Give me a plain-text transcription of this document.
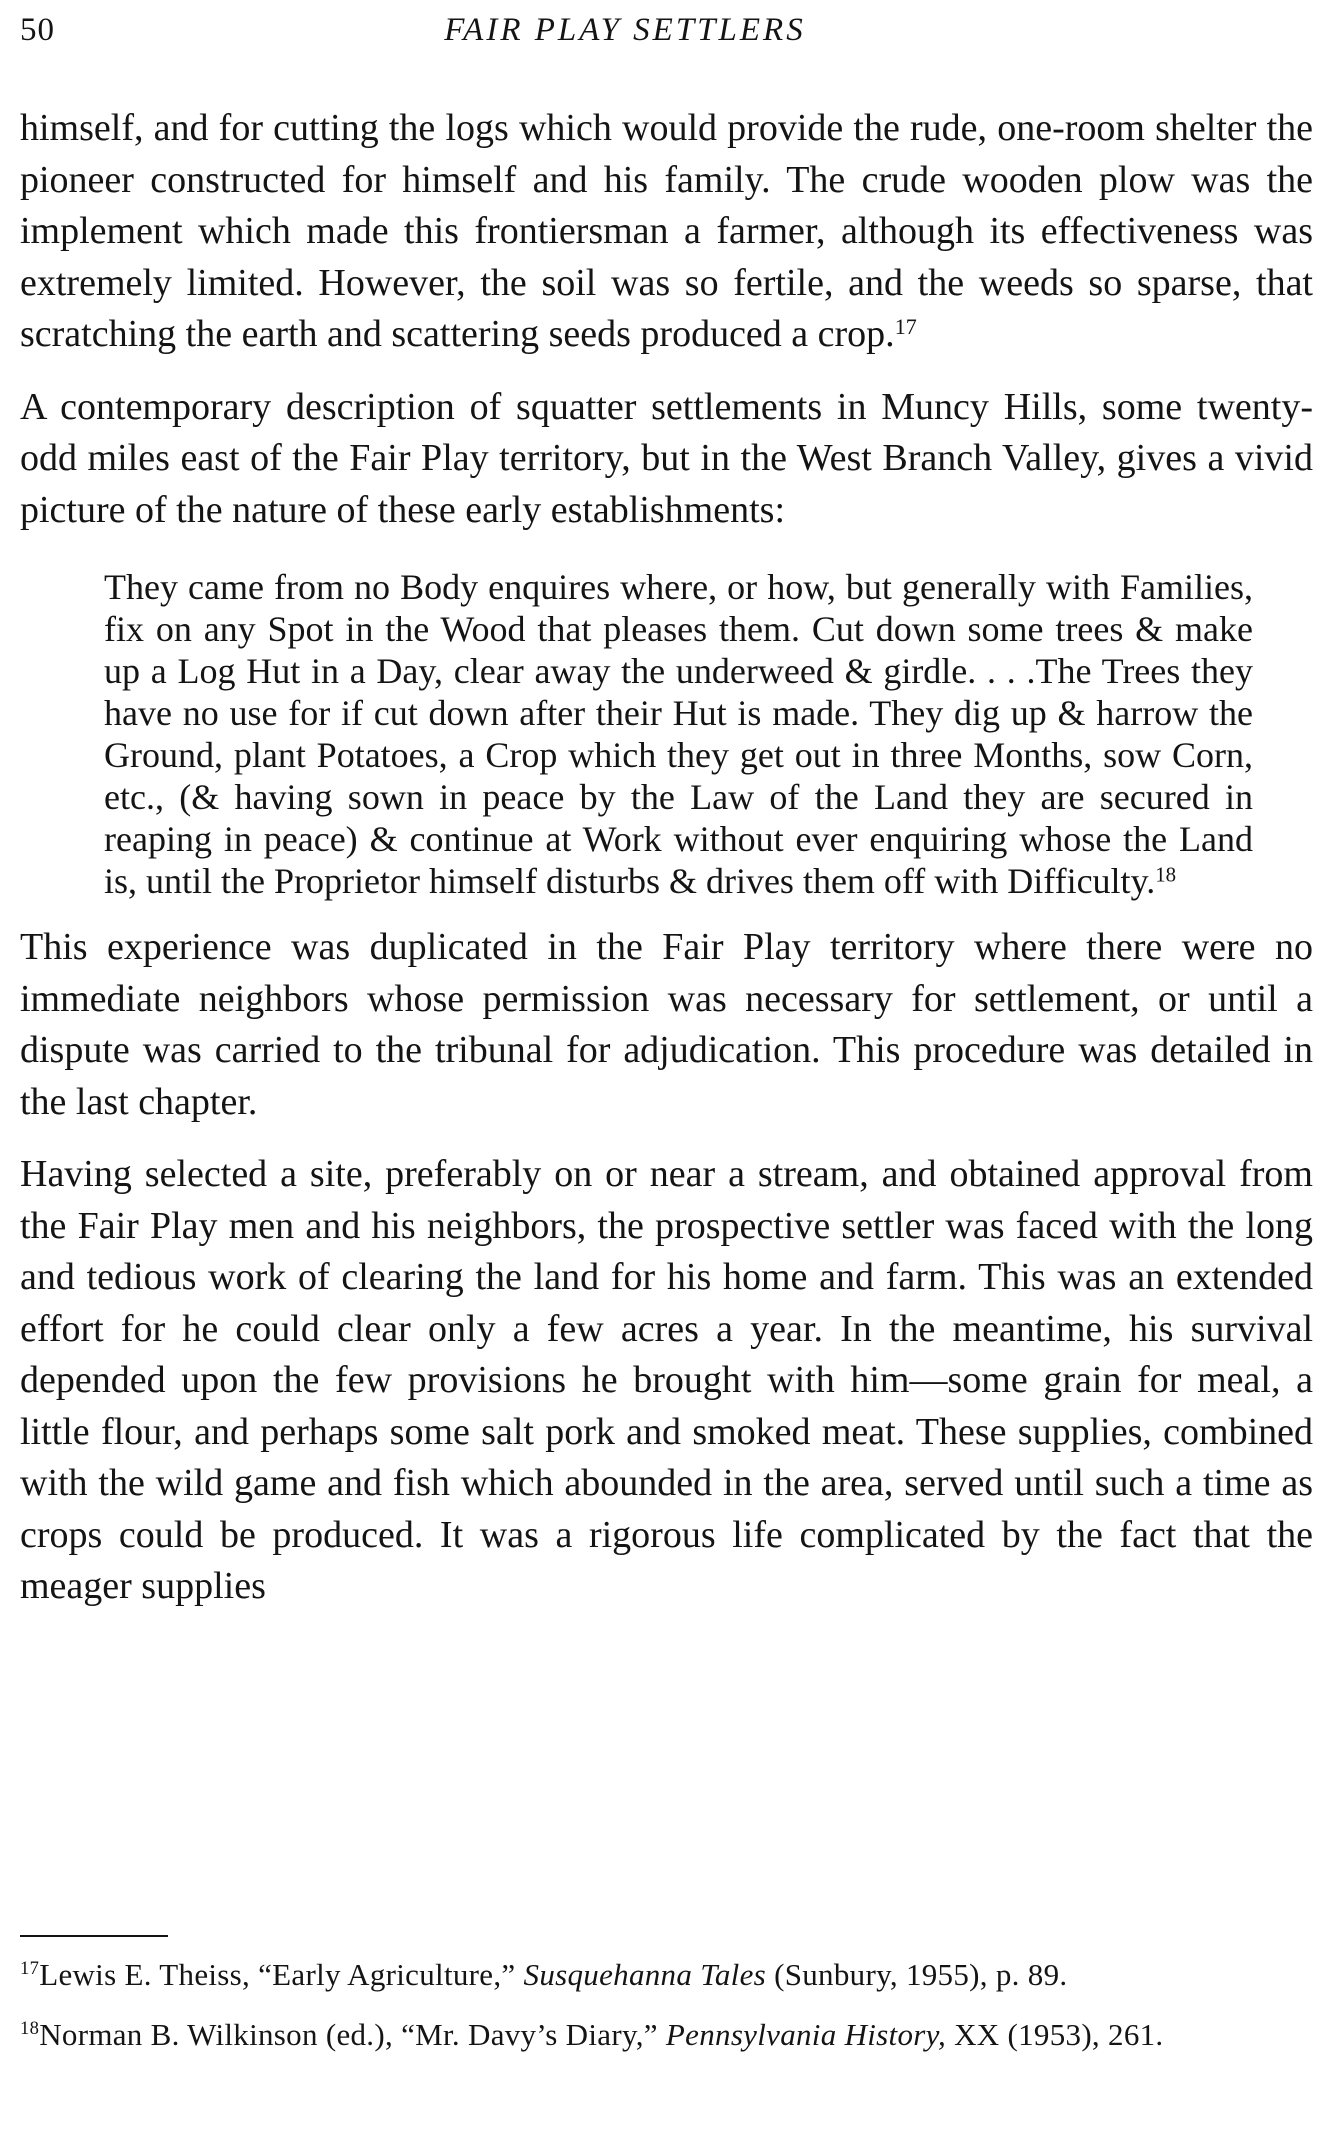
50	FAIR PLAY SETTLERS

himself, and for cutting the logs which would provide the rude, one-room shelter the pioneer constructed for himself and his family. The crude wooden plow was the implement which made this frontiersman a farmer, although its effectiveness was extremely limited. However, the soil was so fertile, and the weeds so sparse, that scratching the earth and scattering seeds produced a crop.$^{17}$

A contemporary description of squatter settlements in Muncy Hills, some twenty-odd miles east of the Fair Play territory, but in the West Branch Valley, gives a vivid picture of the nature of these early establishments:

They came from no Body enquires where, or how, but generally with Families, fix on any Spot in the Wood that pleases them. Cut down some trees & make up a Log Hut in a Day, clear away the underweed & girdle. . . .The Trees they have no use for if cut down after their Hut is made. They dig up & harrow the Ground, plant Potatoes, a Crop which they get out in three Months, sow Corn, etc., (& having sown in peace by the Law of the Land they are secured in reaping in peace) & continue at Work without ever enquiring whose the Land is, until the Proprietor himself disturbs & drives them off with Difficulty.$^{18}$

This experience was duplicated in the Fair Play territory where there were no immediate neighbors whose permission was necessary for settlement, or until a dispute was carried to the tribunal for adjudication. This procedure was detailed in the last chapter.

Having selected a site, preferably on or near a stream, and obtained approval from the Fair Play men and his neighbors, the prospective settler was faced with the long and tedious work of clearing the land for his home and farm. This was an extended effort for he could clear only a few acres a year. In the meantime, his survival depended upon the few provisions he brought with him—some grain for meal, a little flour, and perhaps some salt pork and smoked meat. These supplies, combined with the wild game and fish which abounded in the area, served until such a time as crops could be produced. It was a rigorous life complicated by the fact that the meager supplies

$^{17}$Lewis E. Theiss, “Early Agriculture,” Susquehanna Tales (Sunbury, 1955), p. 89.

$^{18}$Norman B. Wilkinson (ed.), “Mr. Davy’s Diary,” Pennsylvania History, XX (1953), 261.
